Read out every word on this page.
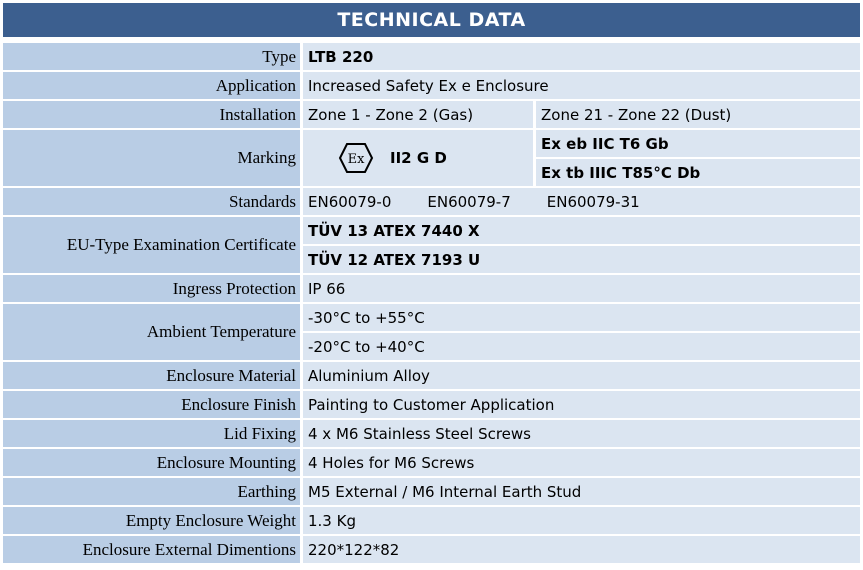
TECHNICAL DATA
Type	LTB 220	
Application	Increased Safety Ex e Enclosure	
Installation	Zone 1 - Zone 2 (Gas)	Zone 21 - Zone 22 (Dust)
Marking	Ex II2 G D	Ex eb IIC T6 Gb
		Ex tb IIIC T85°C Db
Standards	EN60079-0 EN60079-7 EN60079-31	
EU-Type Examination Certificate	TÜV 13 ATEX 7440 X	
	TÜV 12 ATEX 7193 U	
Ingress Protection	IP 66	
Ambient Temperature	-30°C to +55°C	
	-20°C to +40°C	
Enclosure Material	Aluminium Alloy	
Enclosure Finish	Painting to Customer Application	
Lid Fixing	4 x M6 Stainless Steel Screws	
Enclosure Mounting	4 Holes for M6 Screws	
Earthing	M5 External / M6 Internal Earth Stud	
Empty Enclosure Weight	1.3 Kg	
Enclosure External Dimentions	220*122*82	
